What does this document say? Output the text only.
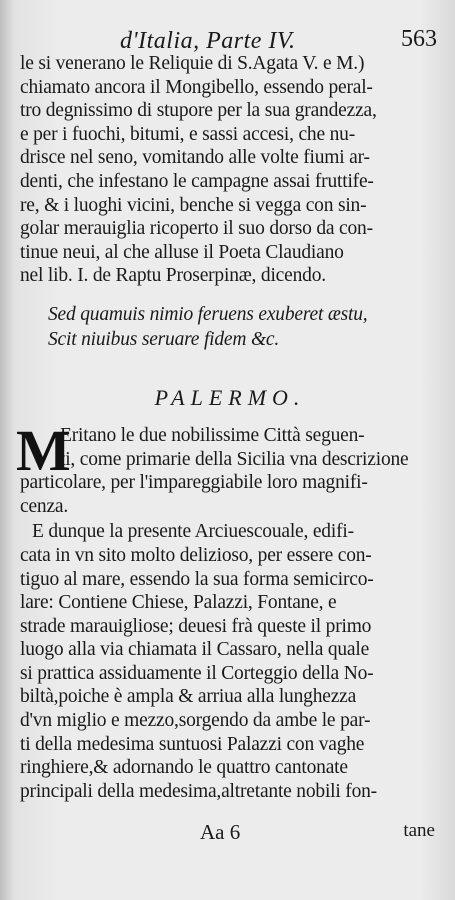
d'Italia, Parte IV.	563
le si venerano le Reliquie di S.Agata V. e M.)
chiamato ancora il Mongibello, essendo peral-
tro degnissimo di stupore per la sua grandezza,
e per i fuochi, bitumi, e sassi accesi, che nu-
drisce nel seno, vomitando alle volte fiumi ar-
denti, che infestano le campagne assai fruttife-
re, & i luoghi vicini, benche si vegga con sin-
golar merauiglia ricoperto il suo dorso da con-
tinue neui, al che alluse il Poeta Claudiano
nel lib. I. de Raptu Proserpinæ, dicendo.
Sed quamuis nimio feruens exuberet æstu,
Scit niuibus seruare fidem &c.
PALERMO.
M
Eritano le due nobilissime Città seguen-
ti, come primarie della Sicilia vna descrizione
particolare, per l'impareggiabile loro magnifi-
cenza.
E dunque la presente Arciuescouale, edifi-
cata in vn sito molto delizioso, per essere con-
tiguo al mare, essendo la sua forma semicirco-
lare: Contiene Chiese, Palazzi, Fontane, e
strade marauigliose; deuesi frà queste il primo
luogo alla via chiamata il Cassaro, nella quale
si prattica assiduamente il Corteggio della No-
biltà,poiche è ampla & arriua alla lunghezza
d'vn miglio e mezzo,sorgendo da ambe le par-
ti della medesima suntuosi Palazzi con vaghe
ringhiere,& adornando le quattro cantonate
principali della medesima,altretante nobili fon-
Aa 6	tane
